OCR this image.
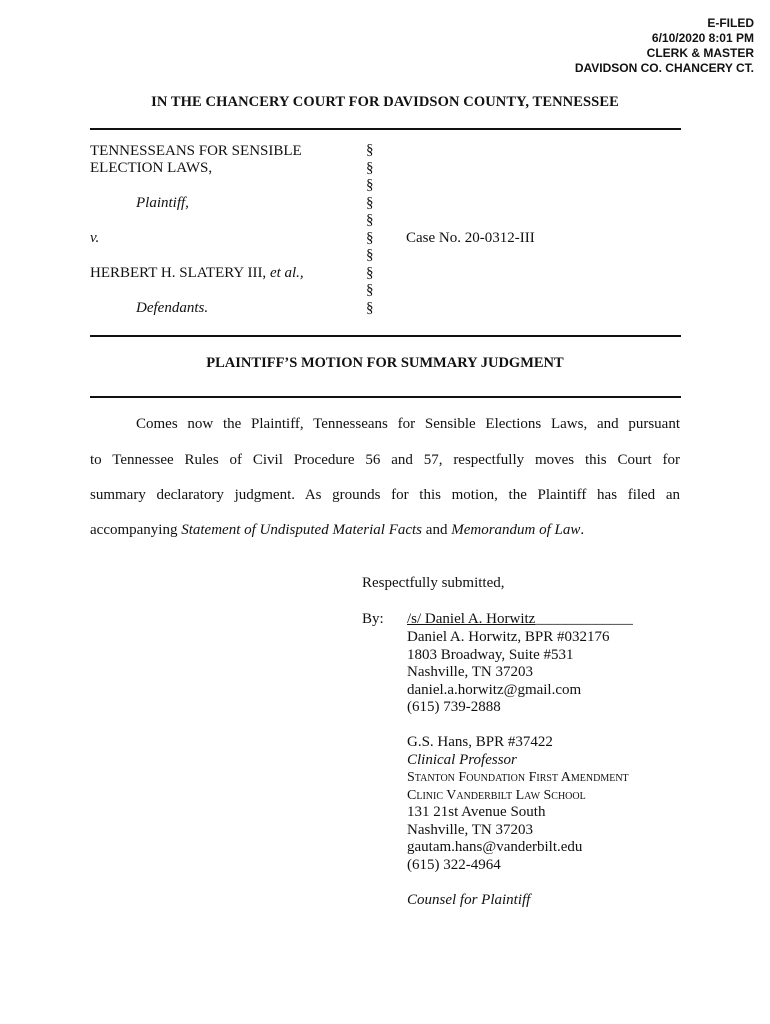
E-FILED
6/10/2020 8:01 PM
CLERK & MASTER
DAVIDSON CO. CHANCERY CT.
IN THE CHANCERY COURT FOR DAVIDSON COUNTY, TENNESSEE
TENNESSEANS FOR SENSIBLE
ELECTION LAWS,
Plaintiff,
v.
HERBERT H. SLATERY III, et al.,
Defendants.
§
§
§
§
§
§
§
§
§
§
Case No. 20-0312-III
PLAINTIFF’S MOTION FOR SUMMARY JUDGMENT
Comes now the Plaintiff, Tennesseans for Sensible Elections Laws, and pursuant
to Tennessee Rules of Civil Procedure 56 and 57, respectfully moves this Court for
summary declaratory judgment. As grounds for this motion, the Plaintiff has filed an
accompanying Statement of Undisputed Material Facts and Memorandum of Law.
Respectfully submitted,
By: /s/ Daniel A. Horwitz_____________
Daniel A. Horwitz, BPR #032176
1803 Broadway, Suite #531
Nashville, TN 37203
daniel.a.horwitz@gmail.com
(615) 739-2888
G.S. Hans, BPR #37422
Clinical Professor
Stanton Foundation First Amendment
Clinic Vanderbilt Law School
131 21st Avenue South
Nashville, TN 37203
gautam.hans@vanderbilt.edu
(615) 322-4964
Counsel for Plaintiff
